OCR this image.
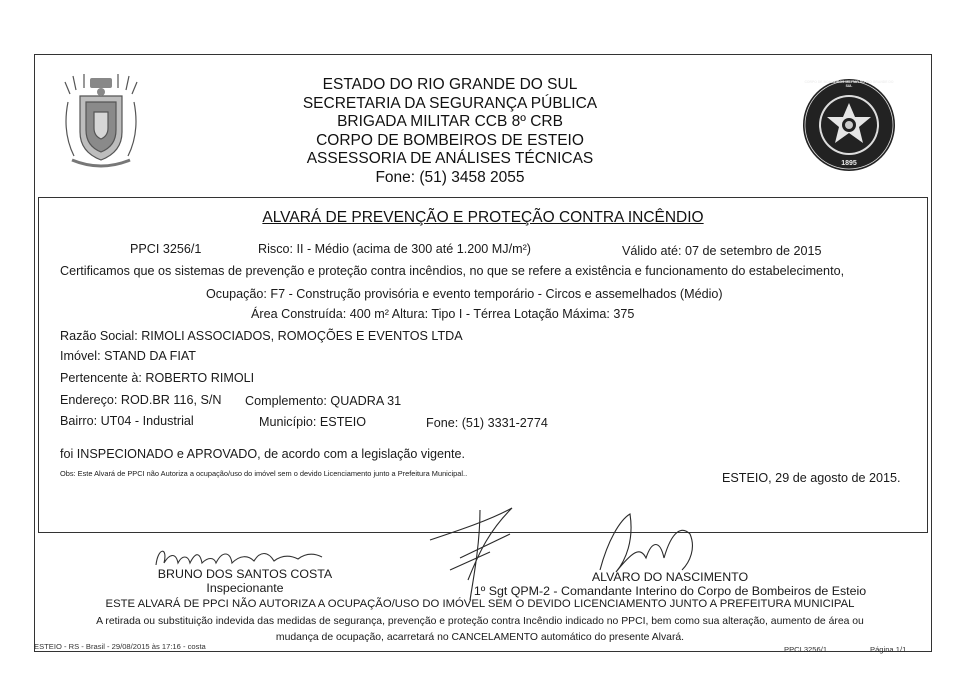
CORPO DE BOMBEIROS MILITAR DO RIO GRANDE DO SUL
1895
ESTADO DO RIO GRANDE DO SUL
SECRETARIA DA SEGURANÇA PÚBLICA
BRIGADA MILITAR CCB 8º CRB
CORPO DE BOMBEIROS DE ESTEIO
ASSESSORIA DE ANÁLISES TÉCNICAS
Fone: (51) 3458 2055
ALVARÁ DE PREVENÇÃO E PROTEÇÃO CONTRA INCÊNDIO
PPCI 3256/1	Risco: II - Médio (acima de 300 até 1.200 MJ/m²)	Válido até: 07 de setembro de 2015
Certificamos que os sistemas de prevenção e proteção contra incêndios, no que se refere a existência e funcionamento do estabelecimento,
Ocupação: F7 - Construção provisória e evento temporário - Circos e assemelhados (Médio)
Área Construída: 400 m² Altura: Tipo I - Térrea Lotação Máxima: 375
Razão Social: RIMOLI ASSOCIADOS, ROMOÇÕES E EVENTOS LTDA
Imóvel: STAND DA FIAT
Pertencente à: ROBERTO RIMOLI
Endereço: ROD.BR 116, S/N Complemento: QUADRA 31
Bairro: UT04 - Industrial	Município: ESTEIO	Fone: (51) 3331-2774
foi INSPECIONADO e APROVADO, de acordo com a legislação vigente.
Obs: Este Alvará de PPCI não Autoriza a ocupação/uso do imóvel sem o devido Licenciamento junto a Prefeitura Municipal..	ESTEIO, 29 de agosto de 2015.
BRUNO DOS SANTOS COSTA
Inspecionante
ALVARO DO NASCIMENTO
1º Sgt QPM-2 - Comandante Interino do Corpo de Bombeiros de Esteio
ESTE ALVARÁ DE PPCI NÃO AUTORIZA A OCUPAÇÃO/USO DO IMÓVEL SEM O DEVIDO LICENCIAMENTO JUNTO A PREFEITURA MUNICIPAL
A retirada ou substituição indevida das medidas de segurança, prevenção e proteção contra Incêndio indicado no PPCI, bem como sua alteração, aumento de área ou
mudança de ocupação, acarretará no CANCELAMENTO automático do presente Alvará.
ESTEIO - RS - Brasil - 29/08/2015 às 17:16 - costa	PPCI 3256/1	Página 1/1
